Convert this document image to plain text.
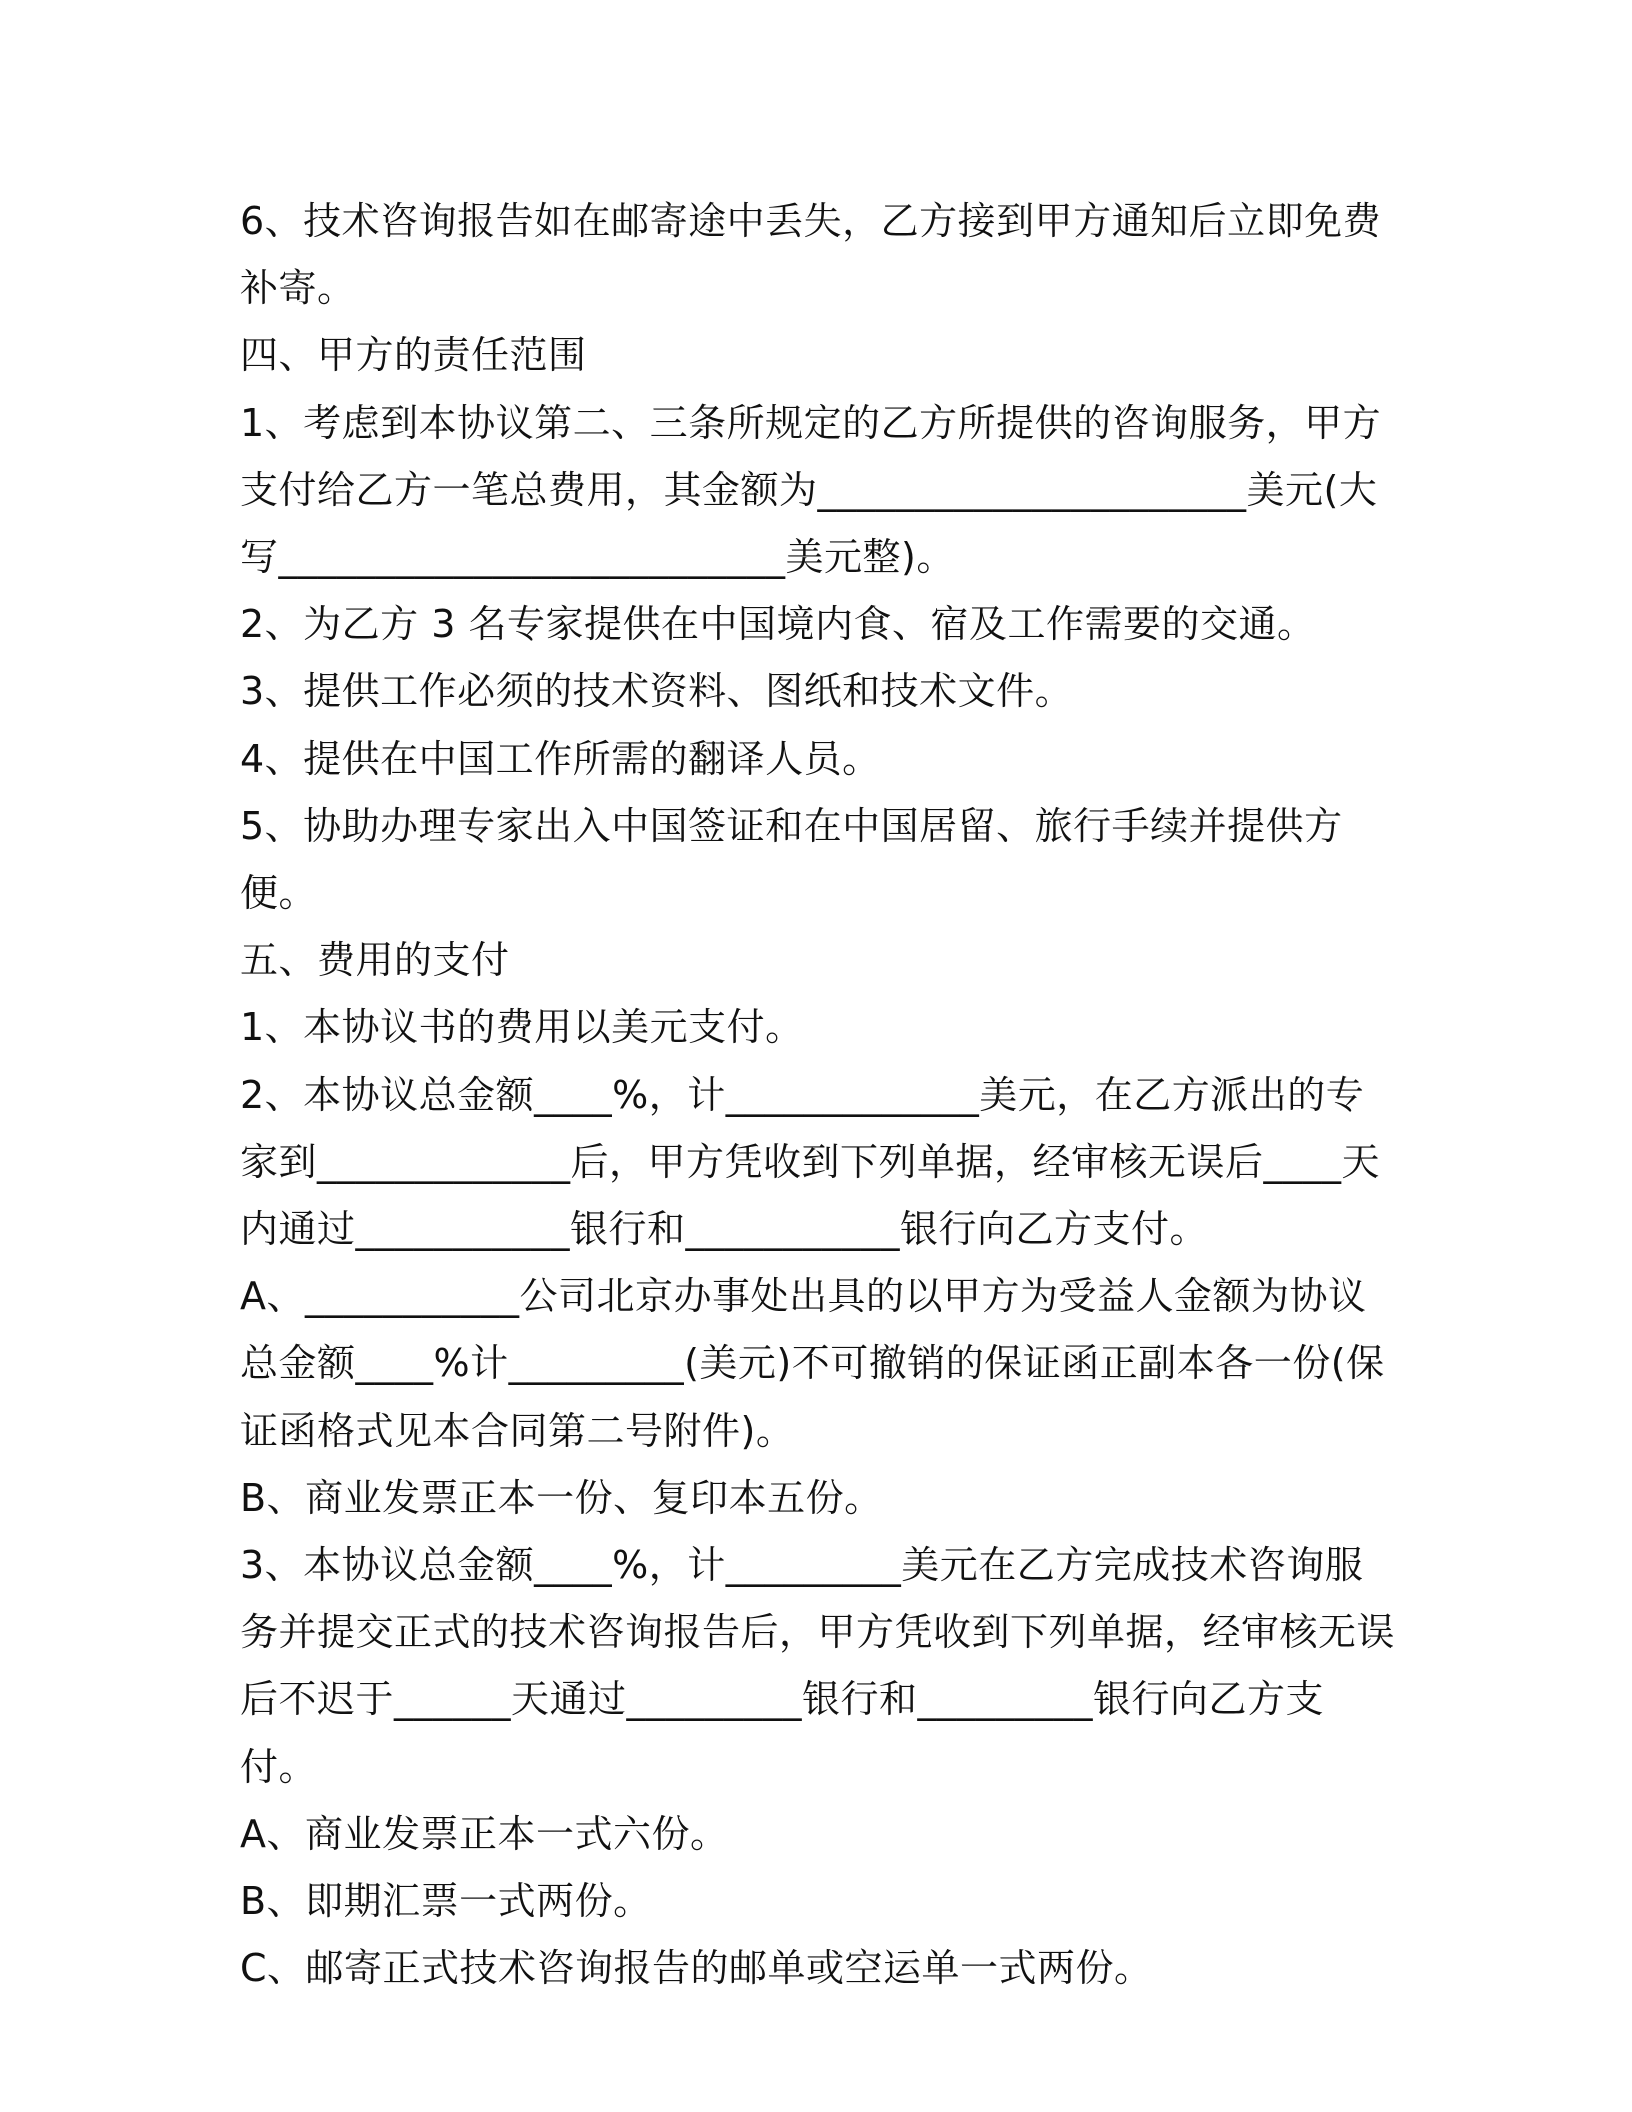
6、技术咨询报告如在邮寄途中丢失，乙方接到甲方通知后立即免费补寄。

四、甲方的责任范围

1、考虑到本协议第二、三条所规定的乙方所提供的咨询服务，甲方支付给乙方一笔总费用，其金额为______________________美元(大写__________________________美元整)。

2、为乙方 3 名专家提供在中国境内食、宿及工作需要的交通。

3、提供工作必须的技术资料、图纸和技术文件。

4、提供在中国工作所需的翻译人员。

5、协助办理专家出入中国签证和在中国居留、旅行手续并提供方便。

五、费用的支付

1、本协议书的费用以美元支付。

2、本协议总金额____%，计_____________美元，在乙方派出的专家到_____________后，甲方凭收到下列单据，经审核无误后____天内通过___________银行和___________银行向乙方支付。

A、___________公司北京办事处出具的以甲方为受益人金额为协议总金额____%计_________(美元)不可撤销的保证函正副本各一份(保证函格式见本合同第二号附件)。

B、商业发票正本一份、复印本五份。

3、本协议总金额____%，计_________美元在乙方完成技术咨询服务并提交正式的技术咨询报告后，甲方凭收到下列单据，经审核无误后不迟于______天通过_________银行和_________银行向乙方支付。

A、商业发票正本一式六份。

B、即期汇票一式两份。

C、邮寄正式技术咨询报告的邮单或空运单一式两份。
